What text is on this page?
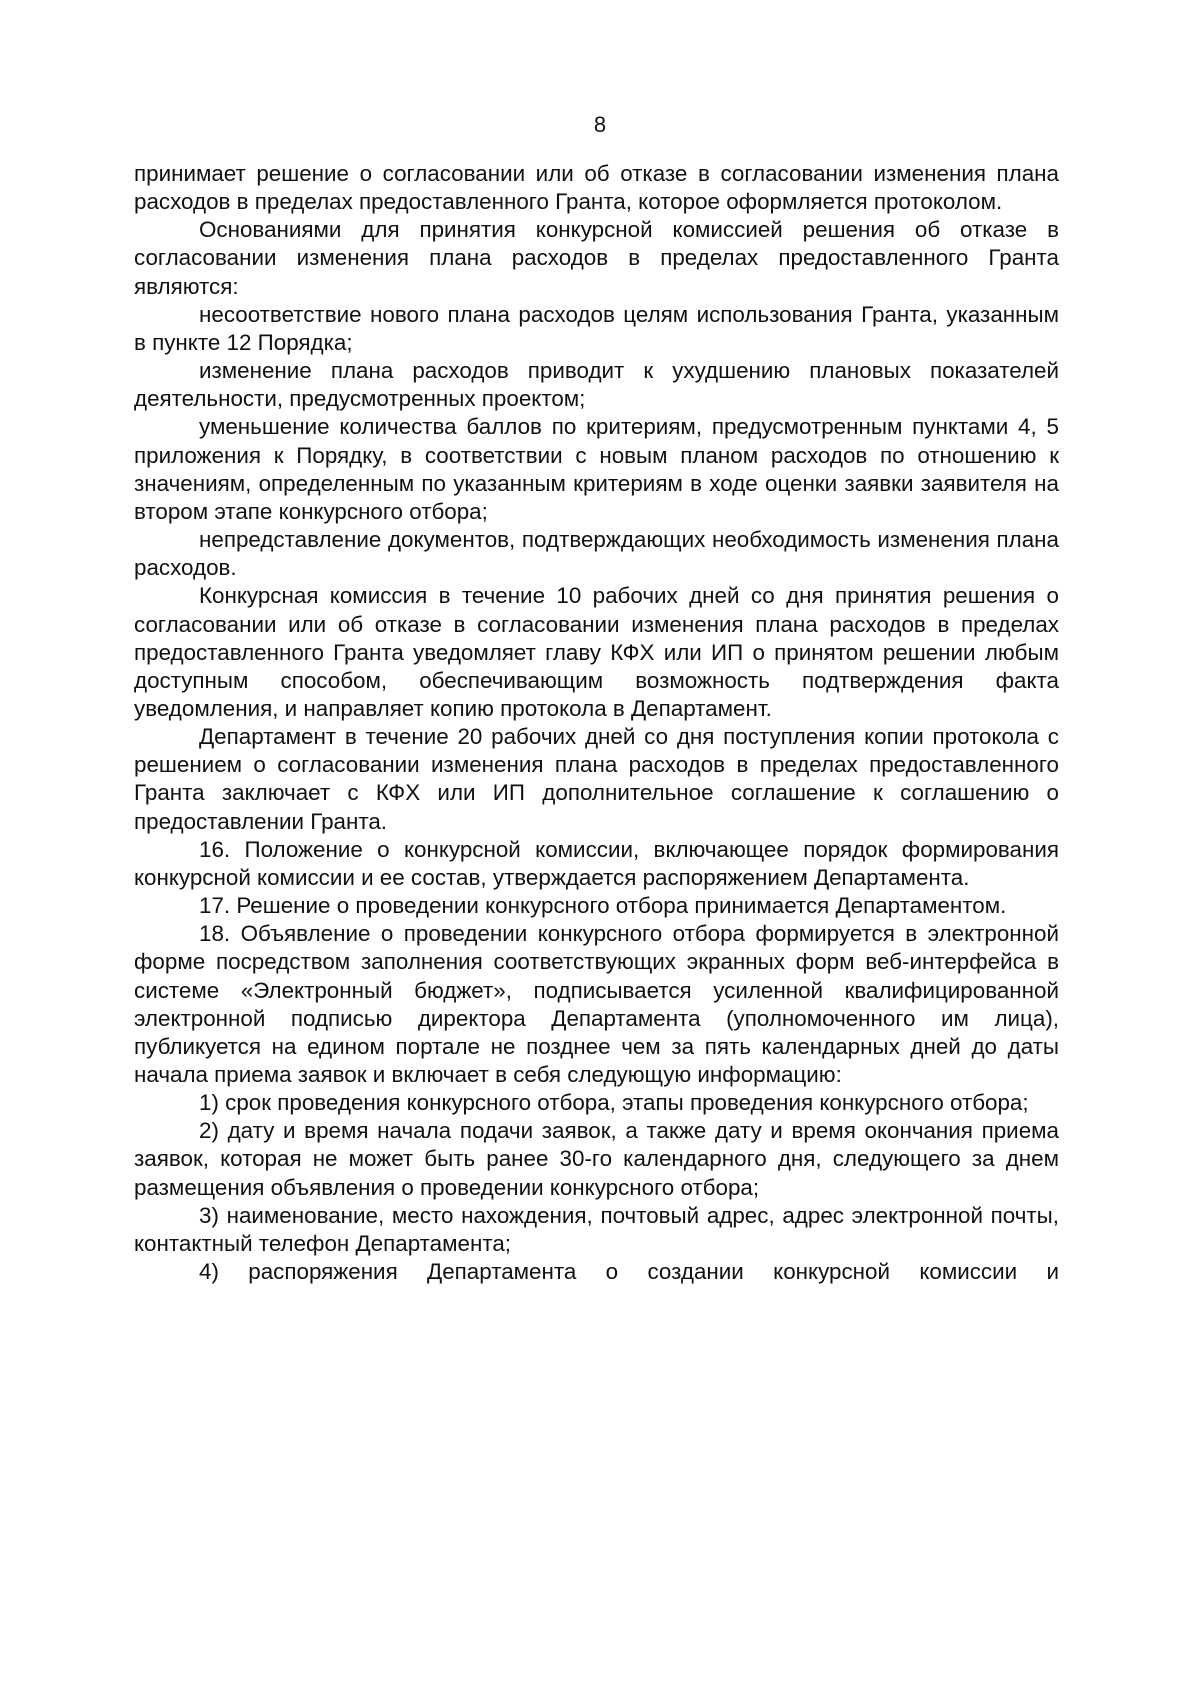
8

принимает решение о согласовании или об отказе в согласовании изменения плана расходов в пределах предоставленного Гранта, которое оформляется протоколом.

Основаниями для принятия конкурсной комиссией решения об отказе в согласовании изменения плана расходов в пределах предоставленного Гранта являются:

несоответствие нового плана расходов целям использования Гранта, указанным в пункте 12 Порядка;

изменение плана расходов приводит к ухудшению плановых показателей деятельности, предусмотренных проектом;

уменьшение количества баллов по критериям, предусмотренным пунктами 4, 5 приложения к Порядку, в соответствии с новым планом расходов по отношению к значениям, определенным по указанным критериям в ходе оценки заявки заявителя на втором этапе конкурсного отбора;

непредставление документов, подтверждающих необходимость изменения плана расходов.

Конкурсная комиссия в течение 10 рабочих дней со дня принятия решения о согласовании или об отказе в согласовании изменения плана расходов в пределах предоставленного Гранта уведомляет главу КФХ или ИП о принятом решении любым доступным способом, обеспечивающим возможность подтверждения факта уведомления, и направляет копию протокола в Департамент.

Департамент в течение 20 рабочих дней со дня поступления копии протокола с решением о согласовании изменения плана расходов в пределах предоставленного Гранта заключает с КФХ или ИП дополнительное соглашение к соглашению о предоставлении Гранта.

16. Положение о конкурсной комиссии, включающее порядок формирования конкурсной комиссии и ее состав, утверждается распоряжением Департамента.

17. Решение о проведении конкурсного отбора принимается Департаментом.

18. Объявление о проведении конкурсного отбора формируется в электронной форме посредством заполнения соответствующих экранных форм веб-интерфейса в системе «Электронный бюджет», подписывается усиленной квалифицированной электронной подписью директора Департамента (уполномоченного им лица), публикуется на едином портале не позднее чем за пять календарных дней до даты начала приема заявок и включает в себя следующую информацию:

1) срок проведения конкурсного отбора, этапы проведения конкурсного отбора;

2) дату и время начала подачи заявок, а также дату и время окончания приема заявок, которая не может быть ранее 30-го календарного дня, следующего за днем размещения объявления о проведении конкурсного отбора;

3) наименование, место нахождения, почтовый адрес, адрес электронной почты, контактный телефон Департамента;

4) распоряжения Департамента о создании конкурсной комиссии и
